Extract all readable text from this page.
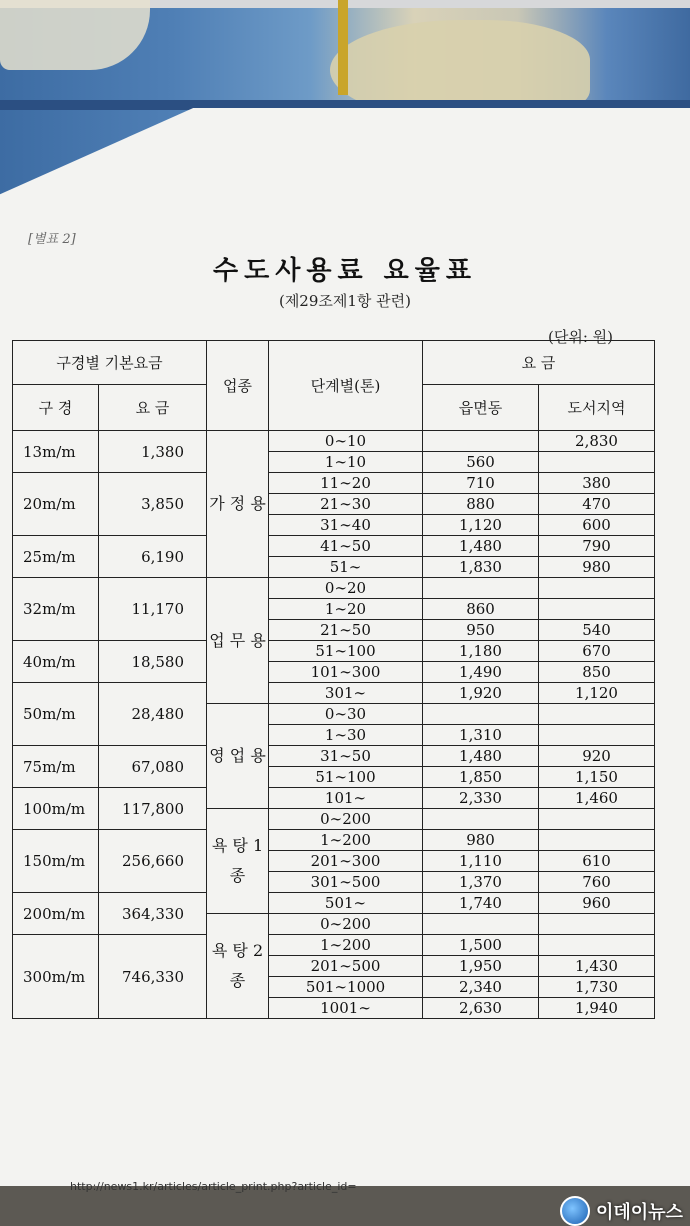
[별표 2]
수도사용료 요율표
(제29조제1항 관련)
(단위: 원)
구경별 기본요금		업종	단계별(톤)	요 금	
구 경	요 금			읍면동	도서지역
13m/m	1,380	가 정 용	0∼10		2,830
			1∼10	560	
20m/m	3,850		11∼20	710	380
			21∼30	880	470
			31∼40	1,120	600
25m/m	6,190		41∼50	1,480	790
			51∼	1,830	980
32m/m	11,170	업 무 용	0∼20		
			1∼20	860	
			21∼50	950	540
40m/m	18,580		51∼100	1,180	670
			101∼300	1,490	850
50m/m	28,480		301∼	1,920	1,120
		영 업 용	0∼30		
			1∼30	1,310	
75m/m	67,080		31∼50	1,480	920
			51∼100	1,850	1,150
100m/m	117,800		101∼	2,330	1,460
		욕 탕 1종	0∼200		
150m/m	256,660		1∼200	980	
			201∼300	1,110	610
			301∼500	1,370	760
200m/m	364,330		501∼	1,740	960
		욕 탕 2종	0∼200		
300m/m	746,330		1∼200	1,500	
			201∼500	1,950	1,430
			501∼1000	2,340	1,730
			1001∼	2,630	1,940
http://news1.kr/articles/article_print.php?article_id=
이데이뉴스
